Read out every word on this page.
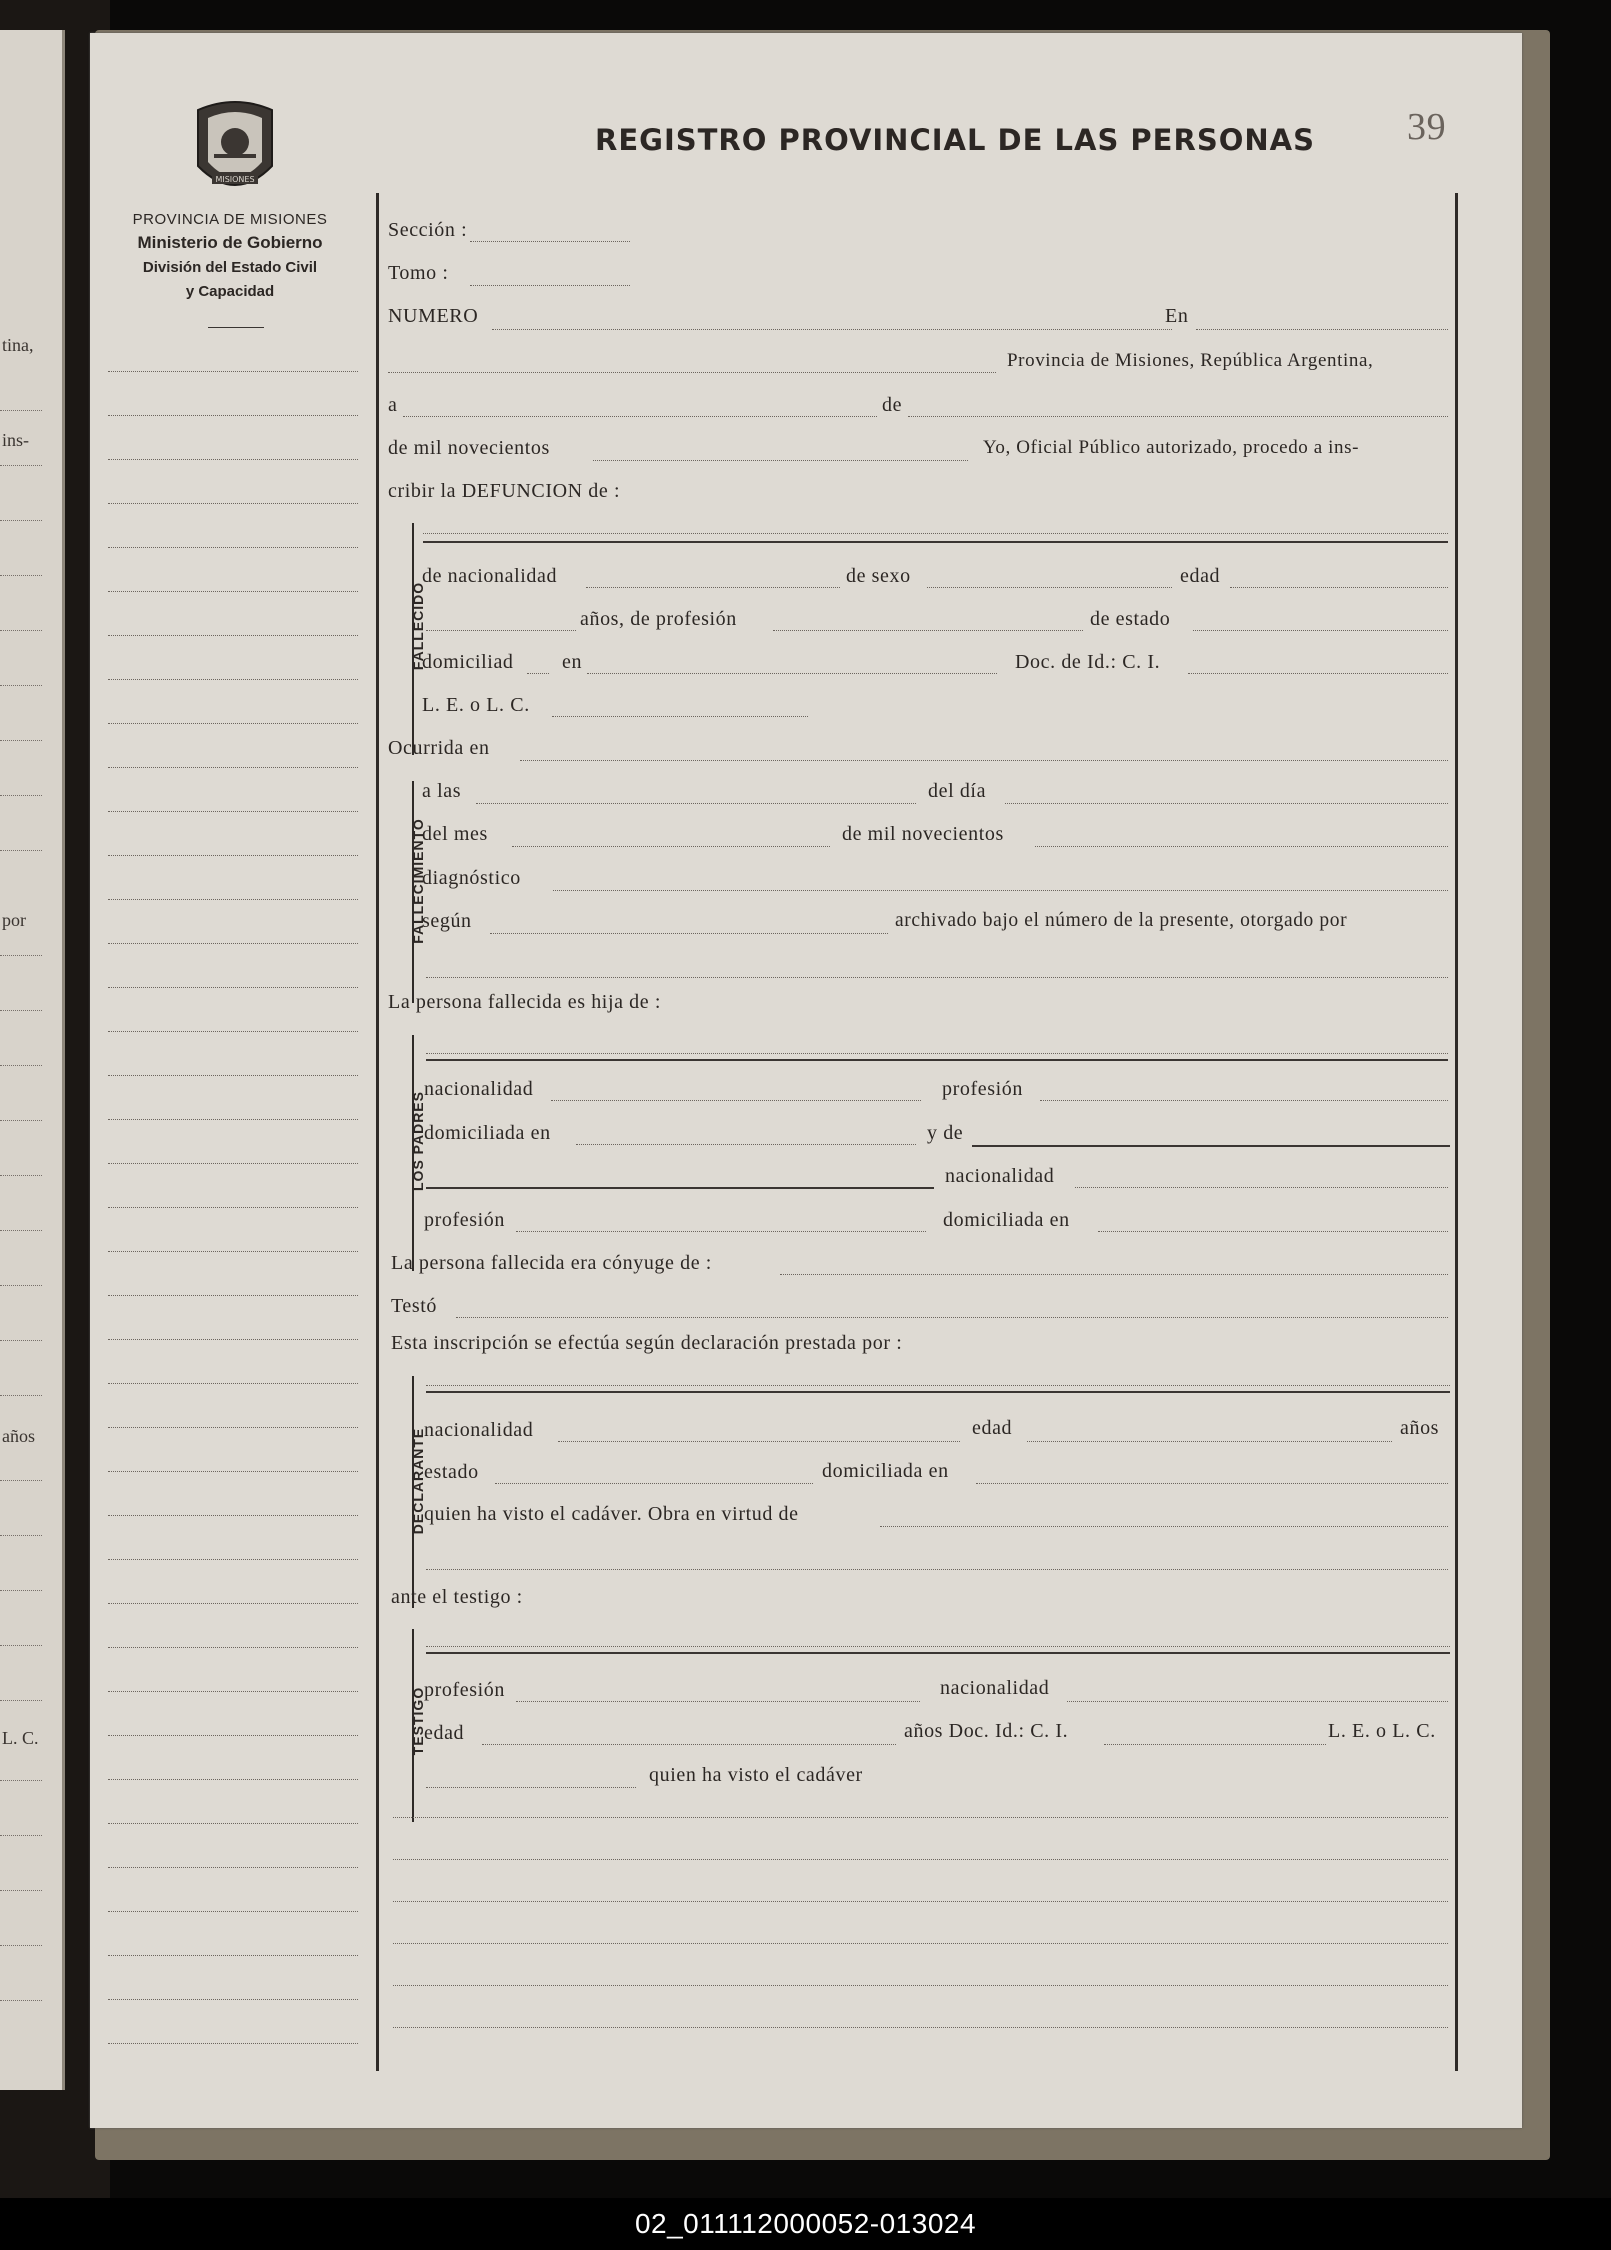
tina,
ins-
por
años
L. C.
MISIONES
PROVINCIA DE MISIONES
Ministerio de Gobierno
División del Estado Civil
y Capacidad
REGISTRO PROVINCIAL DE LAS PERSONAS 39
Sección :
Tomo :
NUMERO	En
Provincia de Misiones, República Argentina,
a	de
de mil novecientos	Yo, Oficial Público autorizado, procedo a ins-
cribir la DEFUNCION de :
FALLECIDO
de nacionalidad	de sexo	edad
años, de profesión	de estado
domiciliad en	Doc. de Id.: C. I.
L. E. o L. C.
Ocurrida en
FALLECIMIENTO
a las	del día
del mes	de mil novecientos
diagnóstico
según	archivado bajo el número de la presente, otorgado por
La persona fallecida es hija de :
LOS PADRES
nacionalidad	profesión
domiciliada en	y de
nacionalidad
profesión	domiciliada en
La persona fallecida era cónyuge de :
Testó
Esta inscripción se efectúa según declaración prestada por :
DECLARANTE
nacionalidad	edad	años
estado	domiciliada en
quien ha visto el cadáver. Obra en virtud de
ante el testigo :
TESTIGO
profesión	nacionalidad
edad	años Doc. Id.: C. I.	L. E. o L. C.
quien ha visto el cadáver
02_011112000052-013024
